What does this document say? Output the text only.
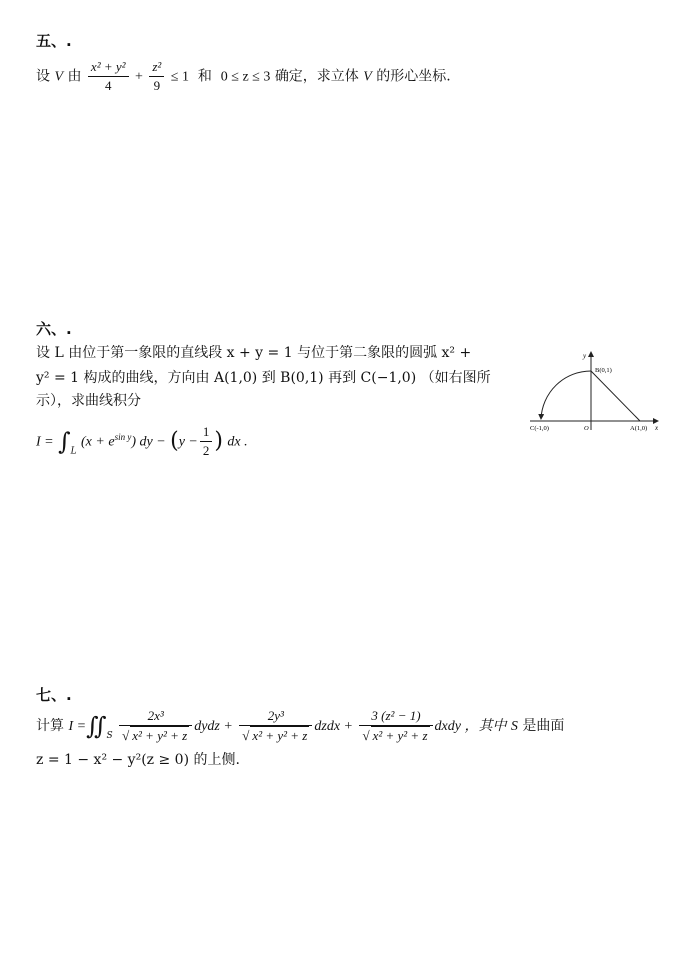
五、.
设 V 由 $\frac{\text{x² + y²}}{4} + \frac{\text{z²}}{9} \le 1$ 和 0 ≤ z ≤ 3 确定，求立体 V 的形心坐标.
六、.
设 L 由位于第一象限的直线段 x + y = 1 与位于第二象限的圆弧 x² +
y² = 1 构成的曲线，方向由 A(1,0) 到 B(0,1) 再到 C(−1,0) （如右图所
示），求曲线积分
$I = \int_L$ $(x + e^{sin y})$ dy − ($y - \frac{1}{2}$ ) dx .
y
x
B(0,1)
C(-1,0)	O	A(1,0)
七、.
计算 $I =∬_S \frac{\text{2x³}}{\text{√ x² + y² + z}}$ dydz + $\frac{\text{2y³}}{\text{√ x² + y² + z}}$ dzdx + $\frac{\text{3 (z² − 1)}}{\text{√ x² + y² + z}}$ dxdy ，其中 S 是曲面
z = 1 − x² − y²(z ≥ 0) 的上侧.
